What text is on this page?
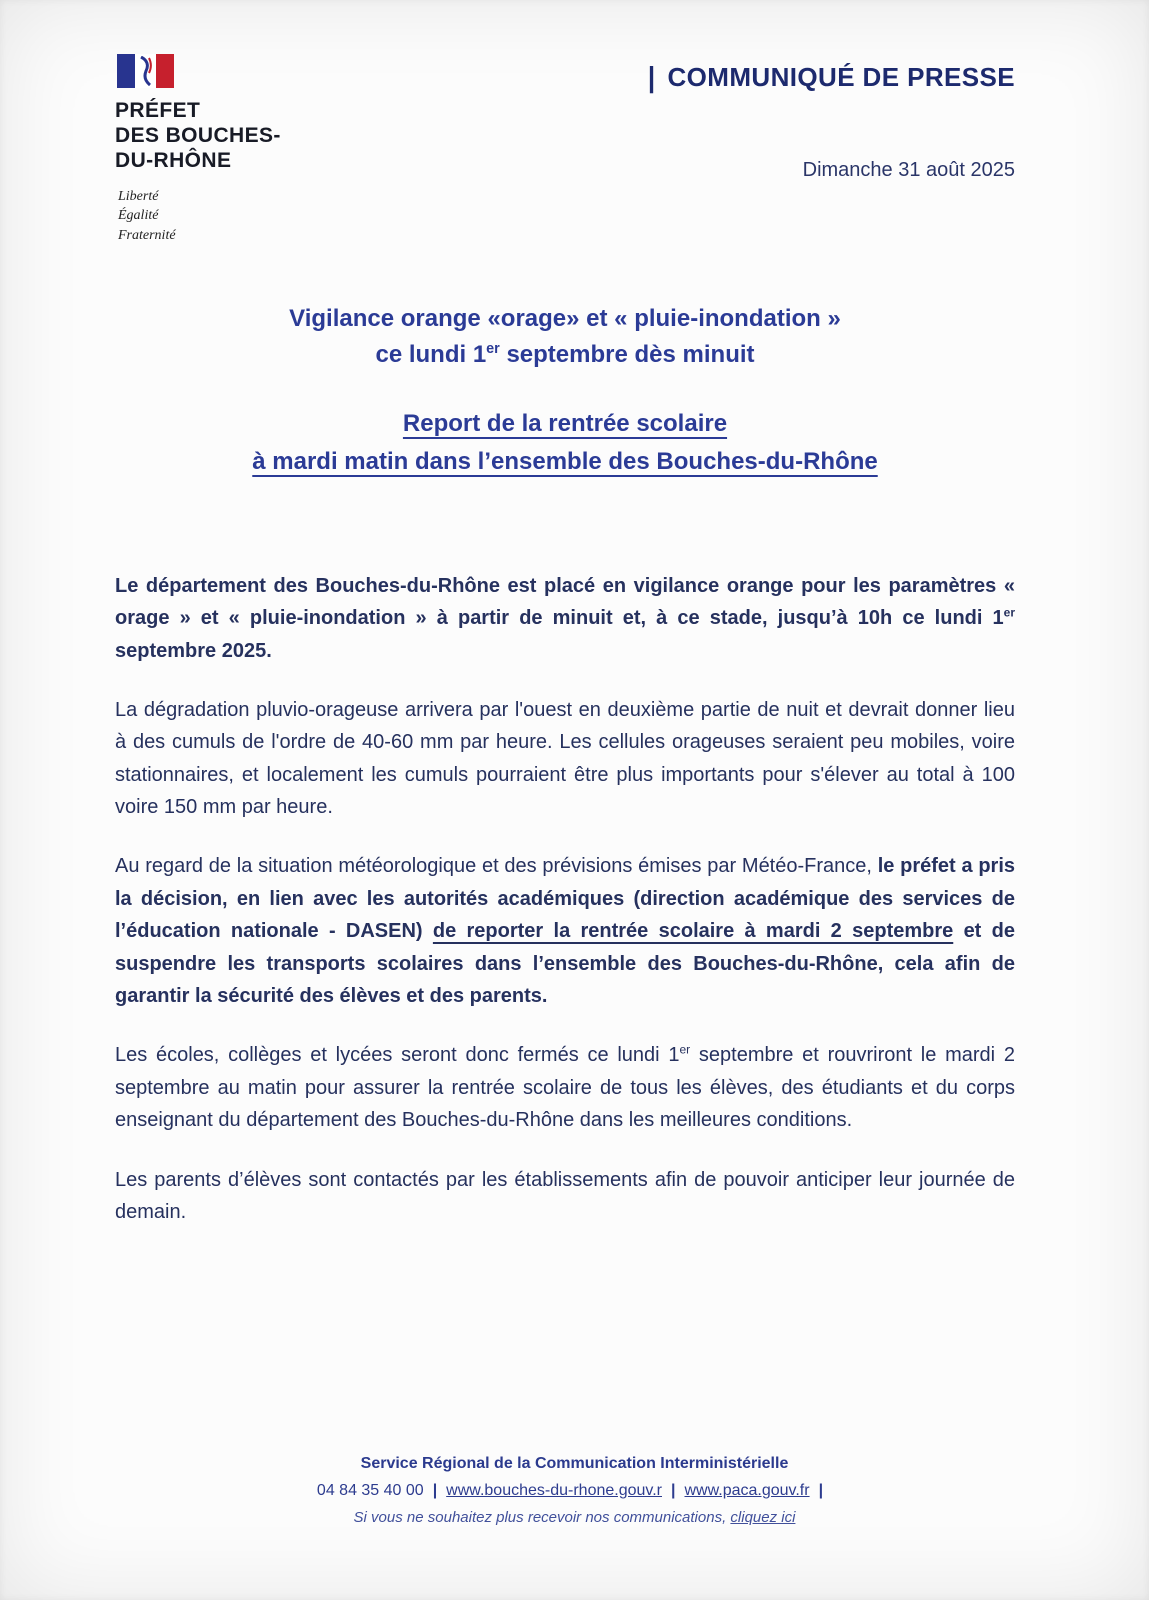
PRÉFET
DES BOUCHES-
DU-RHÔNE
Liberté
Égalité
Fraternité
| COMMUNIQUÉ DE PRESSE
Dimanche 31 août 2025
Vigilance orange «orage» et « pluie-inondation »
ce lundi 1er septembre dès minuit
Report de la rentrée scolaire
à mardi matin dans l’ensemble des Bouches-du-Rhône

Le département des Bouches-du-Rhône est placé en vigilance orange pour les paramètres « orage » et « pluie-inondation » à partir de minuit et, à ce stade, jusqu’à 10h ce lundi 1er septembre 2025.

La dégradation pluvio-orageuse arrivera par l'ouest en deuxième partie de nuit et devrait donner lieu à des cumuls de l'ordre de 40-60 mm par heure. Les cellules orageuses seraient peu mobiles, voire stationnaires, et localement les cumuls pourraient être plus importants pour s'élever au total à 100 voire 150 mm par heure.

Au regard de la situation météorologique et des prévisions émises par Météo-France, le préfet a pris la décision, en lien avec les autorités académiques (direction académique des services de l’éducation nationale - DASEN) de reporter la rentrée scolaire à mardi 2 septembre et de suspendre les transports scolaires dans l’ensemble des Bouches-du-Rhône, cela afin de garantir la sécurité des élèves et des parents.

Les écoles, collèges et lycées seront donc fermés ce lundi 1er septembre et rouvriront le mardi 2 septembre au matin pour assurer la rentrée scolaire de tous les élèves, des étudiants et du corps enseignant du département des Bouches-du-Rhône dans les meilleures conditions.

Les parents d’élèves sont contactés par les établissements afin de pouvoir anticiper leur journée de demain.

Service Régional de la Communication Interministérielle
04 84 35 40 00 | www.bouches-du-rhone.gouv.r | www.paca.gouv.fr |
Si vous ne souhaitez plus recevoir nos communications, cliquez ici
